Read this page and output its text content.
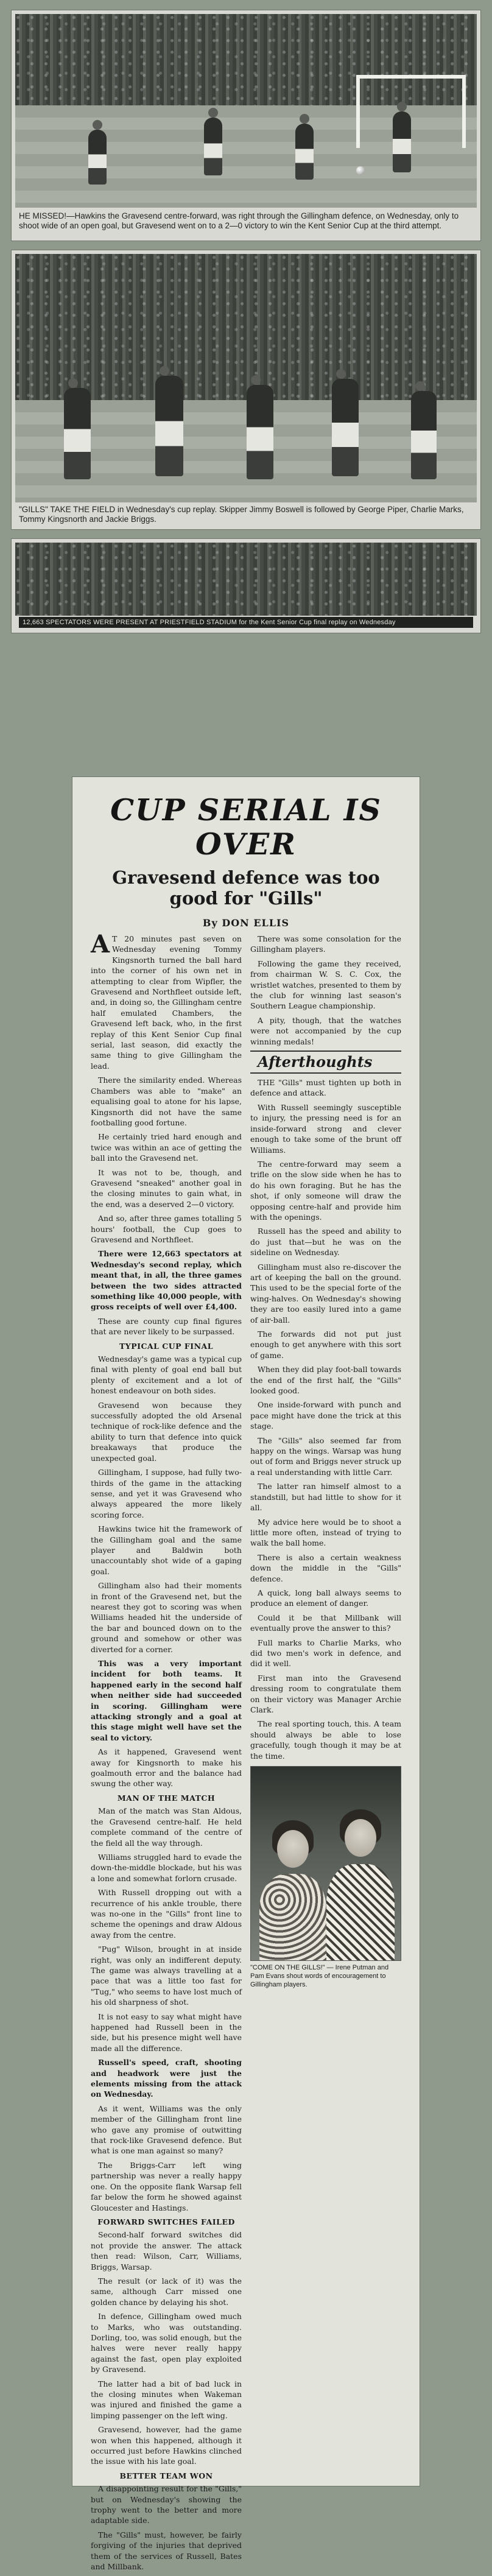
HE MISSED!—Hawkins the Gravesend centre-forward, was right through the Gillingham defence, on Wednesday, only to shoot wide of an open goal, but Gravesend went on to a 2—0 victory to win the Kent Senior Cup at the third attempt.
"GILLS" TAKE THE FIELD in Wednesday's cup replay. Skipper Jimmy Boswell is followed by George Piper, Charlie Marks, Tommy Kingsnorth and Jackie Briggs.
12,663 SPECTATORS WERE PRESENT AT PRIESTFIELD STADIUM for the Kent Senior Cup final replay on Wednesday
CUP SERIAL IS OVER
Gravesend defence was too good for "Gills"
By DON ELLIS

A T 20 minutes past seven on Wednesday evening Tommy Kingsnorth turned the ball hard into the corner of his own net in attempting to clear from Wipfler, the Gravesend and Northfleet outside left, and, in doing so, the Gillingham centre half emulated Chambers, the Gravesend left back, who, in the first replay of this Kent Senior Cup final serial, last season, did exactly the same thing to give Gillingham the lead.

There the similarity ended. Whereas Chambers was able to "make" an equalising goal to atone for his lapse, Kingsnorth did not have the same footballing good fortune.

He certainly tried hard enough and twice was within an ace of getting the ball into the Gravesend net.

It was not to be, though, and Gravesend "sneaked" another goal in the closing minutes to gain what, in the end, was a deserved 2—0 victory.

And so, after three games totalling 5 hours' football, the Cup goes to Gravesend and Northfleet.

There were 12,663 spectators at Wednesday's second replay, which meant that, in all, the three games between the two sides attracted something like 40,000 people, with gross receipts of well over £4,400.

These are county cup final figures that are never likely to be surpassed.

TYPICAL CUP FINAL

Wednesday's game was a typical cup final with plenty of goal end ball but plenty of excitement and a lot of honest endeavour on both sides.

Gravesend won because they successfully adopted the old Arsenal technique of rock-like defence and the ability to turn that defence into quick breakaways that produce the unexpected goal.

Gillingham, I suppose, had fully two-thirds of the game in the attacking sense, and yet it was Gravesend who always appeared the more likely scoring force.

Hawkins twice hit the framework of the Gillingham goal and the same player and Baldwin both unaccountably shot wide of a gaping goal.

Gillingham also had their moments in front of the Gravesend net, but the nearest they got to scoring was when Williams headed hit the underside of the bar and bounced down on to the ground and somehow or other was diverted for a corner.

This was a very important incident for both teams. It happened early in the second half when neither side had succeeded in scoring. Gillingham were attacking strongly and a goal at this stage might well have set the seal to victory.

As it happened, Gravesend went away for Kingsnorth to make his goalmouth error and the balance had swung the other way.

MAN OF THE MATCH

Man of the match was Stan Aldous, the Gravesend centre-half. He held complete command of the centre of the field all the way through.

Williams struggled hard to evade the down-the-middle blockade, but his was a lone and somewhat forlorn crusade.

With Russell dropping out with a recurrence of his ankle trouble, there was no-one in the "Gills" front line to scheme the openings and draw Aldous away from the centre.

"Pug" Wilson, brought in at inside right, was only an indifferent deputy. The game was always travelling at a pace that was a little too fast for "Tug," who seems to have lost much of his old sharpness of shot.

It is not easy to say what might have happened had Russell been in the side, but his presence might well have made all the difference.

Russell's speed, craft, shooting and headwork were just the elements missing from the attack on Wednesday.

As it went, Williams was the only member of the Gillingham front line who gave any promise of outwitting that rock-like Gravesend defence. But what is one man against so many?

The Briggs-Carr left wing partnership was never a really happy one. On the opposite flank Warsap fell far below the form he showed against Gloucester and Hastings.

FORWARD SWITCHES FAILED

Second-half forward switches did not provide the answer. The attack then read: Wilson, Carr, Williams, Briggs, Warsap.

The result (or lack of it) was the same, although Carr missed one golden chance by delaying his shot.

In defence, Gillingham owed much to Marks, who was outstanding. Dorling, too, was solid enough, but the halves were never really happy against the fast, open play exploited by Gravesend.

The latter had a bit of bad luck in the closing minutes when Wakeman was injured and finished the game a limping passenger on the left wing.

Gravesend, however, had the game won when this happened, although it occurred just before Hawkins clinched the issue with his late goal.

BETTER TEAM WON

A disappointing result for the "Gills," but on Wednesday's showing the trophy went to the better and more adaptable side.

The "Gills" must, however, be fairly forgiving of the injuries that deprived them of the services of Russell, Bates and Millbank.

There was some consolation for the Gillingham players.

Following the game they received, from chairman W. S. C. Cox, the wristlet watches, presented to them by the club for winning last season's Southern League championship.

A pity, though, that the watches were not accompanied by the cup winning medals!

Afterthoughts

THE "Gills" must tighten up both in defence and attack.

With Russell seemingly susceptible to injury, the pressing need is for an inside-forward strong and clever enough to take some of the brunt off Williams.

The centre-forward may seem a trifle on the slow side when he has to do his own foraging. But he has the shot, if only someone will draw the opposing centre-half and provide him with the openings.

Russell has the speed and ability to do just that—but he was on the sideline on Wednesday.

Gillingham must also re-discover the art of keeping the ball on the ground. This used to be the special forte of the wing-halves. On Wednesday's showing they are too easily lured into a game of air-ball.

The forwards did not put just enough to get anywhere with this sort of game.

When they did play foot-ball towards the end of the first half, the "Gills" looked good.

One inside-forward with punch and pace might have done the trick at this stage.

The "Gills" also seemed far from happy on the wings. Warsap was hung out of form and Briggs never struck up a real understanding with little Carr.

The latter ran himself almost to a standstill, but had little to show for it all.

My advice here would be to shoot a little more often, instead of trying to walk the ball home.

There is also a certain weakness down the middle in the "Gills" defence.

A quick, long ball always seems to produce an element of danger.

Could it be that Millbank will eventually prove the answer to this?

Full marks to Charlie Marks, who did two men's work in defence, and did it well.

First man into the Gravesend dressing room to congratulate them on their victory was Manager Archie Clark.

The real sporting touch, this. A team should always be able to lose gracefully, tough though it may be at the time.

"COME ON THE GILLS!" — Irene Putman and Pam Evans shout words of encouragement to Gillingham players.
